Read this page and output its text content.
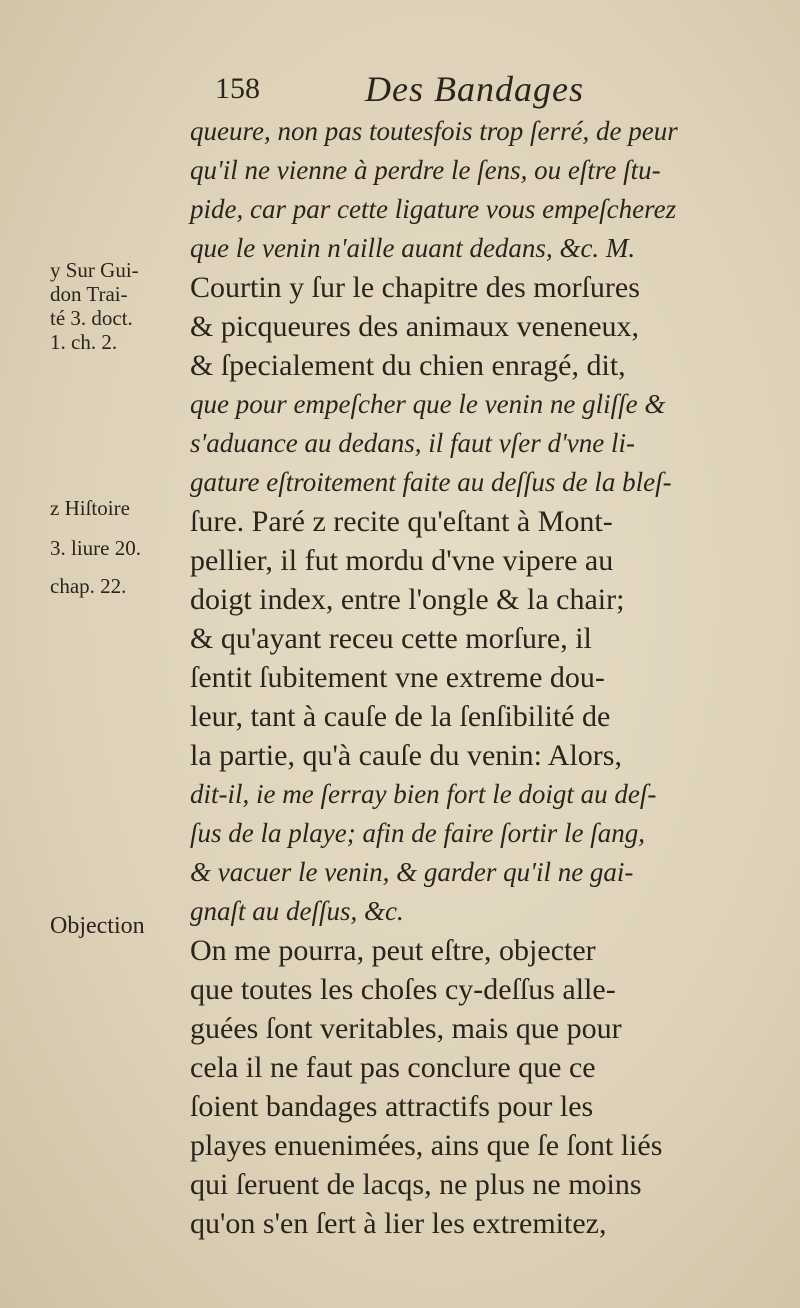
158	Des Bandages
queure, non pas toutesfois trop ſerré, de peur
qu'il ne vienne à perdre le ſens, ou eſtre ſtu-
pide, car par cette ligature vous empeſcherez
que le venin n'aille auant dedans, &c. M.
Courtin y ſur le chapitre des morſures
& picqueures des animaux veneneux,
& ſpecialement du chien enragé, dit,
que pour empeſcher que le venin ne gliſſe &
s'aduance au dedans, il faut vſer d'vne li-
gature eſtroitement faite au deſſus de la bleſ-
ſure. Paré z recite qu'eſtant à Mont-
pellier, il fut mordu d'vne vipere au
doigt index, entre l'ongle & la chair;
& qu'ayant receu cette morſure, il
ſentit ſubitement vne extreme dou-
leur, tant à cauſe de la ſenſibilité de
la partie, qu'à cauſe du venin: Alors,
dit-il, ie me ſerray bien fort le doigt au deſ-
ſus de la playe; afin de faire ſortir le ſang,
& vacuer le venin, & garder qu'il ne gai-
gnaſt au deſſus, &c.
On me pourra, peut eſtre, objecter
que toutes les choſes cy-deſſus alle-
guées ſont veritables, mais que pour
cela il ne faut pas conclure que ce
ſoient bandages attractifs pour les
playes enuenimées, ains que ſe ſont liés
qui ſeruent de lacqs, ne plus ne moins
qu'on s'en ſert à lier les extremitez,
y Sur Gui-
don Trai-
té 3. doct.
1. ch. 2.
z Hiſtoire
3. liure 20.
chap. 22.
Objection
